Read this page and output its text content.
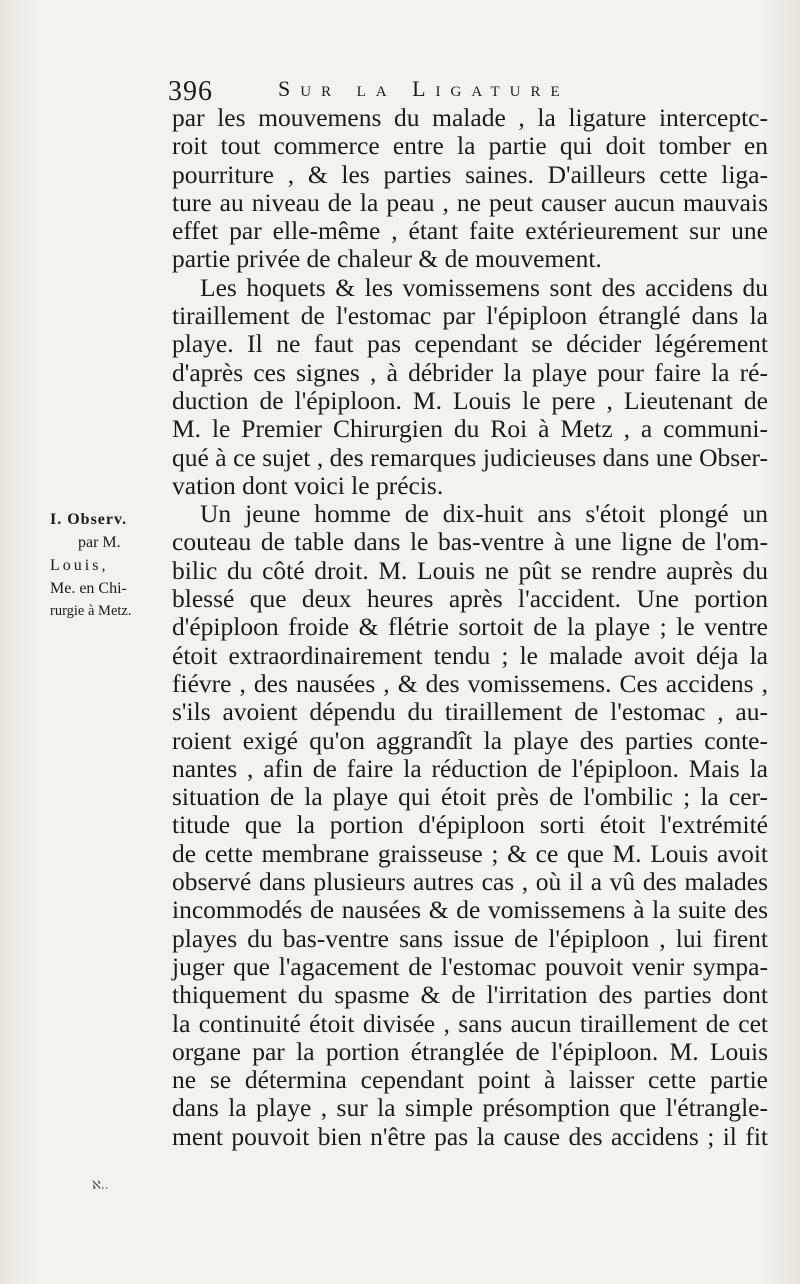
396	Sur la Ligature
I. Observ.
par M.
Louis,
Me. en Chi-
rurgie à Metz.
par les mouvemens du malade , la ligature interceptc-
roit tout commerce entre la partie qui doit tomber en
pourriture , & les parties saines. D'ailleurs cette liga-
ture au niveau de la peau , ne peut causer aucun mauvais
effet par elle-même , étant faite extérieurement sur une
partie privée de chaleur & de mouvement.
Les hoquets & les vomissemens sont des accidens du
tiraillement de l'estomac par l'épiploon étranglé dans la
playe. Il ne faut pas cependant se décider légérement
d'après ces signes , à débrider la playe pour faire la ré-
duction de l'épiploon. M. Louis le pere , Lieutenant de
M. le Premier Chirurgien du Roi à Metz , a communi-
qué à ce sujet , des remarques judicieuses dans une Obser-
vation dont voici le précis.
Un jeune homme de dix-huit ans s'étoit plongé un
couteau de table dans le bas-ventre à une ligne de l'om-
bilic du côté droit. M. Louis ne pût se rendre auprès du
blessé que deux heures après l'accident. Une portion
d'épiploon froide & flétrie sortoit de la playe ; le ventre
étoit extraordinairement tendu ; le malade avoit déja la
fiévre , des nausées , & des vomissemens. Ces accidens ,
s'ils avoient dépendu du tiraillement de l'estomac , au-
roient exigé qu'on aggrandît la playe des parties conte-
nantes , afin de faire la réduction de l'épiploon. Mais la
situation de la playe qui étoit près de l'ombilic ; la cer-
titude que la portion d'épiploon sorti étoit l'extrémité
de cette membrane graisseuse ; & ce que M. Louis avoit
observé dans plusieurs autres cas , où il a vû des malades
incommodés de nausées & de vomissemens à la suite des
playes du bas-ventre sans issue de l'épiploon , lui firent
juger que l'agacement de l'estomac pouvoit venir sympa-
thiquement du spasme & de l'irritation des parties dont
la continuité étoit divisée , sans aucun tiraillement de cet
organe par la portion étranglée de l'épiploon. M. Louis
ne se détermina cependant point à laisser cette partie
dans la playe , sur la simple présomption que l'étrangle-
ment pouvoit bien n'être pas la cause des accidens ; il fit
ℵ..
